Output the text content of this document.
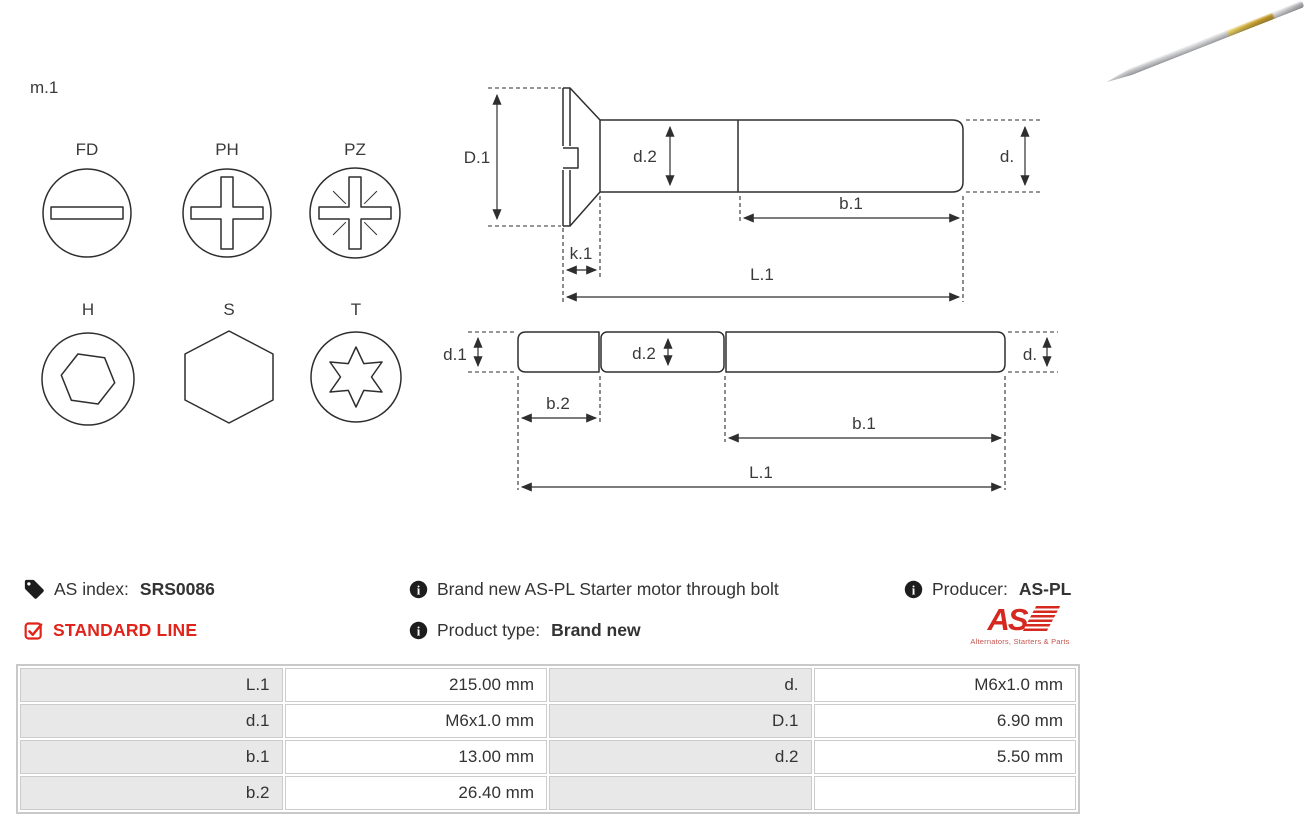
m.1
FD	PH	PZ
H	S	T
D.1	d.2	d.
b.1
k.1
L.1
d.1	d.2	d.
b.2
b.1
L.1
AS index: SRS0086
STANDARD LINE
i Brand new AS-PL Starter motor through bolt
i Product type: Brand new
i Producer: AS-PL
AS
Alternators, Starters & Parts
L.1	215.00 mm	d.	M6x1.0 mm
d.1	M6x1.0 mm	D.1	6.90 mm
b.1	13.00 mm	d.2	5.50 mm
b.2	26.40 mm		
